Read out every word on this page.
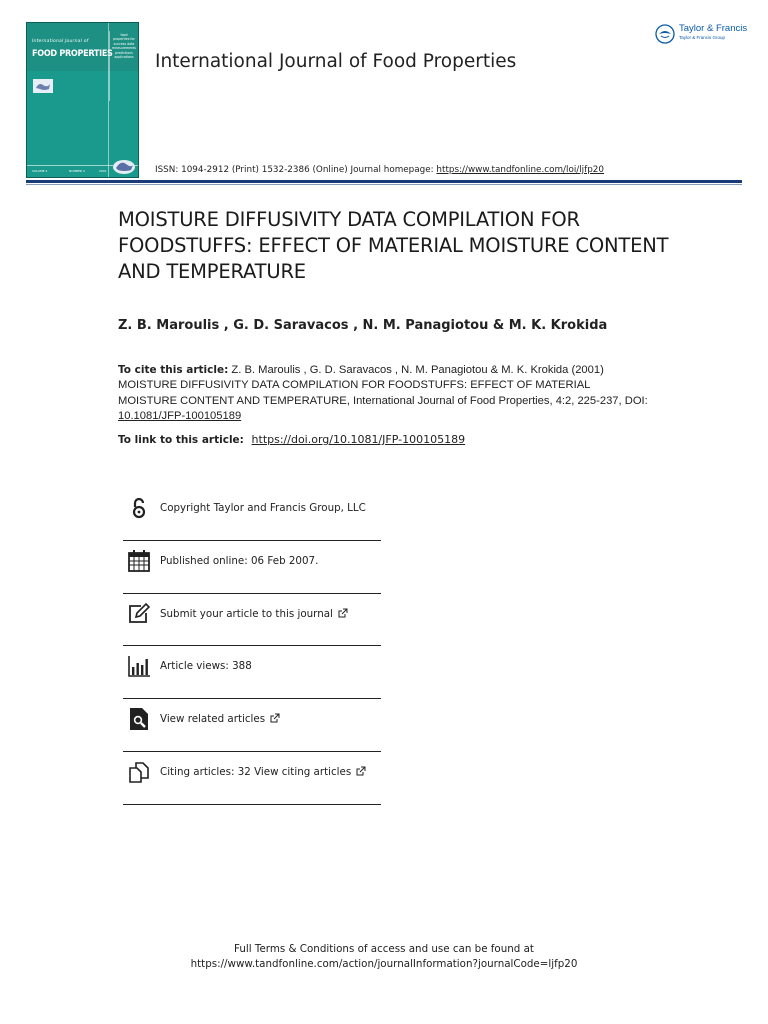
International Journal of
FOOD PROPERTIES
food properties for success data measurements predictions applications
VOLUME 4	NUMBER 2	2001
International Journal of Food Properties
ISSN: 1094-2912 (Print) 1532-2386 (Online) Journal homepage: https://www.tandfonline.com/loi/ljfp20
Taylor & Francis
Taylor & Francis Group
MOISTURE DIFFUSIVITY DATA COMPILATION FOR FOODSTUFFS: EFFECT OF MATERIAL MOISTURE CONTENT AND TEMPERATURE
Z. B. Maroulis , G. D. Saravacos , N. M. Panagiotou & M. K. Krokida
To cite this article: Z. B. Maroulis , G. D. Saravacos , N. M. Panagiotou & M. K. Krokida (2001) MOISTURE DIFFUSIVITY DATA COMPILATION FOR FOODSTUFFS: EFFECT OF MATERIAL MOISTURE CONTENT AND TEMPERATURE, International Journal of Food Properties, 4:2, 225-237, DOI: 10.1081/JFP-100105189
To link to this article: https://doi.org/10.1081/JFP-100105189
Copyright Taylor and Francis Group, LLC
Published online: 06 Feb 2007.
Submit your article to this journal
Article views: 388
View related articles
Citing articles: 32 View citing articles
Full Terms & Conditions of access and use can be found at
https://www.tandfonline.com/action/journalInformation?journalCode=ljfp20
